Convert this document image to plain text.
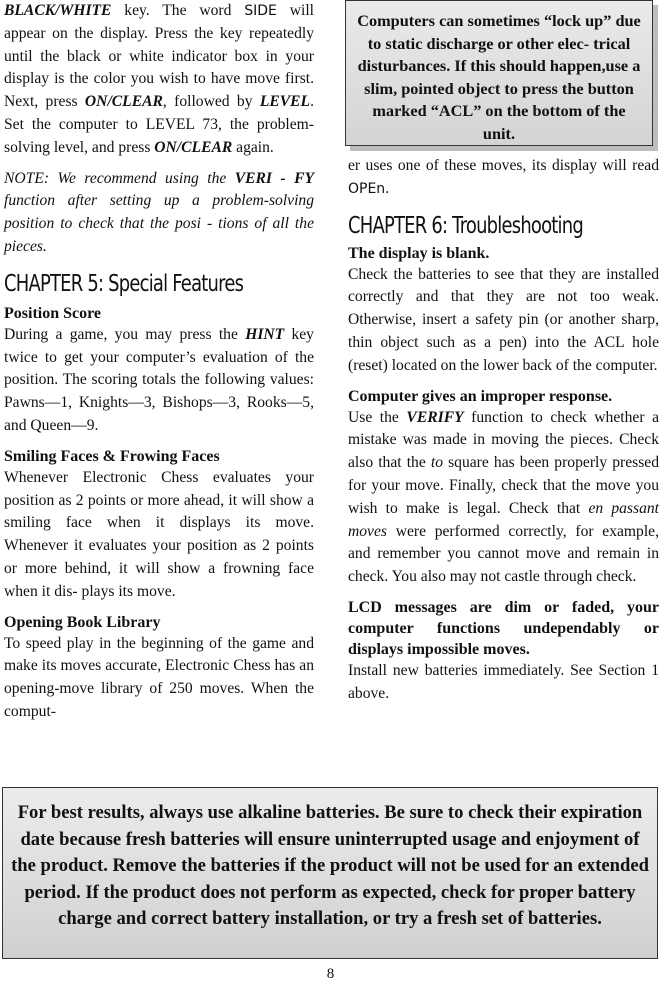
BLACK/WHITE key. The word SIDE will appear on the display. Press the key repeatedly until the black or white indicator box in your display is the color you wish to have move first. Next, press ON/CLEAR, followed by LEVEL. Set the computer to LEVEL 73, the problem-solving level, and press ON/CLEAR again.

NOTE: We recommend using the VERI - FY function after setting up a problem-solving position to check that the posi - tions of all the pieces.

CHAPTER 5: Special Features
Position Score

During a game, you may press the HINT key twice to get your computer’s evaluation of the position. The scoring totals the following values: Pawns—1, Knights—3, Bishops—3, Rooks—5, and Queen—9.

Smiling Faces & Frowing Faces

Whenever Electronic Chess evaluates your position as 2 points or more ahead, it will show a smiling face when it displays its move. Whenever it evaluates your position as 2 points or more behind, it will show a frowning face when it dis- plays its move.

Opening Book Library

To speed play in the beginning of the game and make its moves accurate, Electronic Chess has an opening-move library of 250 moves. When the comput-

Computers can sometimes “lock up” due to static discharge or other elec- trical disturbances. If this should happen,use a slim, pointed object to press the button marked “ACL” on the bottom of the unit.

er uses one of these moves, its display will read OPEn.

CHAPTER 6: Troubleshooting
The display is blank.

Check the batteries to see that they are installed correctly and that they are not too weak. Otherwise, insert a safety pin (or another sharp, thin object such as a pen) into the ACL hole (reset) located on the lower back of the computer.

Computer gives an improper response.

Use the VERIFY function to check whether a mistake was made in moving the pieces. Check also that the to square has been properly pressed for your move. Finally, check that the move you wish to make is legal. Check that en passant moves were performed correctly, for example, and remember you cannot move and remain in check. You also may not castle through check.

LCD messages are dim or faded, your computer functions undependably or displays impossible moves.

Install new batteries immediately. See Section 1 above.

For best results, always use alkaline batteries. Be sure to check their expiration date because fresh batteries will ensure uninterrupted usage and enjoyment of the product. Remove the batteries if the product will not be used for an extended period. If the product does not perform as expected, check for proper battery charge and correct battery installation, or try a fresh set of batteries.
8
